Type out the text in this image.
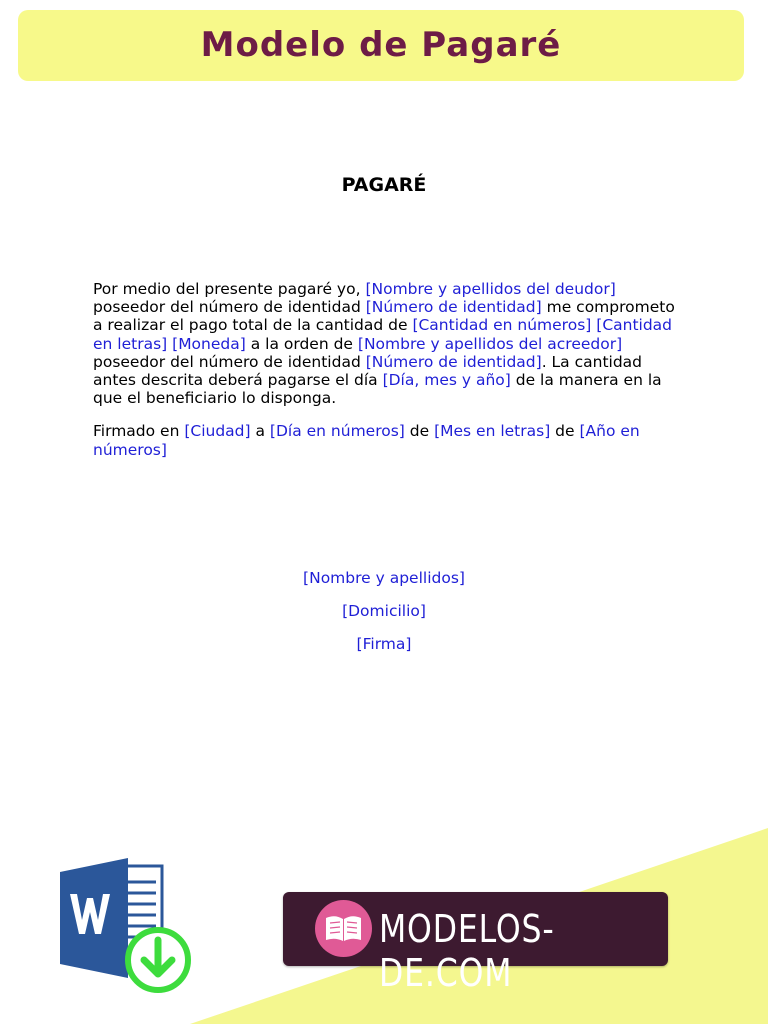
Modelo de Pagaré
PAGARÉ

Por medio del presente pagaré yo, [Nombre y apellidos del deudor] poseedor del número de identidad [Número de identidad] me comprometo a realizar el pago total de la cantidad de [Cantidad en números] [Cantidad en letras] [Moneda] a la orden de [Nombre y apellidos del acreedor] poseedor del número de identidad [Número de identidad]. La cantidad antes descrita deberá pagarse el día [Día, mes y año] de la manera en la que el beneficiario lo disponga.

Firmado en [Ciudad] a [Día en números] de [Mes en letras] de [Año en números]

[Nombre y apellidos]
[Domicilio]
[Firma]
MODELOS-DE.COM
